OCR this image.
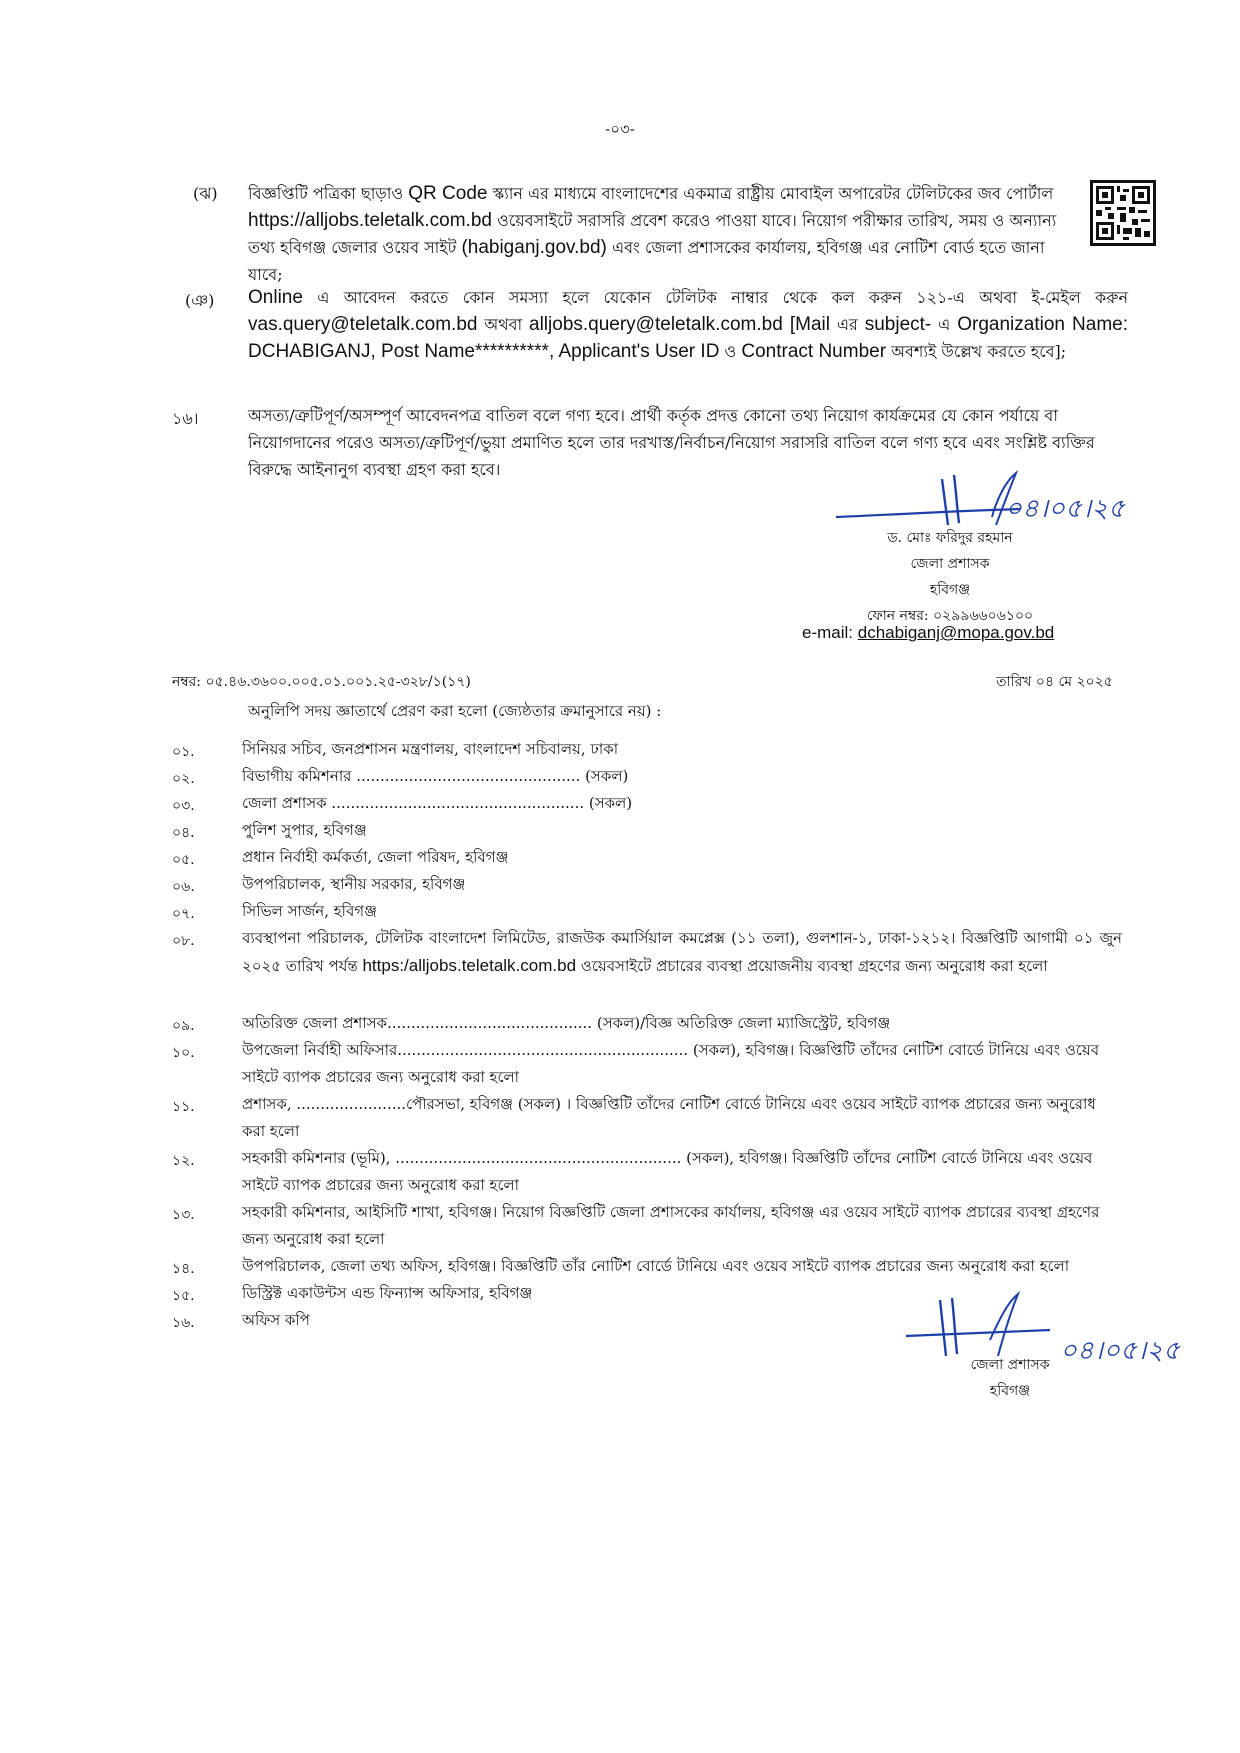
-০৩-
(ঝ) বিজ্ঞপ্তিটি পত্রিকা ছাড়াও QR Code স্ক্যান এর মাধ্যমে বাংলাদেশের একমাত্র রাষ্ট্রীয় মোবাইল অপারেটর টেলিটকের জব পোর্টাল https://alljobs.teletalk.com.bd ওয়েবসাইটে সরাসরি প্রবেশ করেও পাওয়া যাবে। নিয়োগ পরীক্ষার তারিখ, সময় ও অন্যান্য তথ্য হবিগঞ্জ জেলার ওয়েব সাইট (habiganj.gov.bd) এবং জেলা প্রশাসকের কার্যালয়, হবিগঞ্জ এর নোটিশ বোর্ড হতে জানা যাবে;
(ঞ) Online এ আবেদন করতে কোন সমস্যা হলে যেকোন টেলিটক নাম্বার থেকে কল করুন ১২১-এ অথবা ই-মেইল করুন vas.query@teletalk.com.bd অথবা alljobs.query@teletalk.com.bd [Mail এর subject- এ Organization Name: DCHABIGANJ, Post Name**********, Applicant's User ID ও Contract Number অবশ্যই উল্লেখ করতে হবে];
১৬।	অসত্য/ত্রুটিপূর্ণ/অসম্পূর্ণ আবেদনপত্র বাতিল বলে গণ্য হবে। প্রার্থী কর্তৃক প্রদত্ত কোনো তথ্য নিয়োগ কার্যক্রমের যে কোন পর্যায়ে বা নিয়োগদানের পরেও অসত্য/ত্রুটিপূর্ণ/ভুয়া প্রমাণিত হলে তার দরখাস্ত/নির্বাচন/নিয়োগ সরাসরি বাতিল বলে গণ্য হবে এবং সংশ্লিষ্ট ব্যক্তির বিরুদ্ধে আইনানুগ ব্যবস্থা গ্রহণ করা হবে।
০৪।০৫।২৫
ড. মোঃ ফরিদুর রহমান
জেলা প্রশাসক
হবিগঞ্জ
ফোন নম্বর: ০২৯৯৬৬০৬১০০
e-mail: dchabiganj@mopa.gov.bd
নম্বর: ০৫.৪৬.৩৬০০.০০৫.০১.০০১.২৫-৩২৮/১(১৭)	তারিখ ০৪ মে ২০২৫
অনুলিপি সদয় জ্ঞাতার্থে প্রেরণ করা হলো (জ্যেষ্ঠতার ক্রমানুসারে নয়) :
০১.	সিনিয়র সচিব, জনপ্রশাসন মন্ত্রণালয়, বাংলাদেশ সচিবালয়, ঢাকা
০২.	বিভাগীয় কমিশনার ............................................... (সকল)
০৩.	জেলা প্রশাসক ..................................................... (সকল)
০৪.	পুলিশ সুপার, হবিগঞ্জ
০৫.	প্রধান নির্বাহী কর্মকর্তা, জেলা পরিষদ, হবিগঞ্জ
০৬.	উপপরিচালক, স্থানীয় সরকার, হবিগঞ্জ
০৭.	সিভিল সার্জন, হবিগঞ্জ
০৮.	ব্যবস্থাপনা পরিচালক, টেলিটক বাংলাদেশ লিমিটেড, রাজউক কমার্সিয়াল কমপ্লেক্স (১১ তলা), গুলশান-১, ঢাকা-১২১২। বিজ্ঞপ্তিটি আগামী ০১ জুন ২০২৫ তারিখ পর্যন্ত https:/alljobs.teletalk.com.bd ওয়েবসাইটে প্রচারের ব্যবস্থা প্রয়োজনীয় ব্যবস্থা গ্রহণের জন্য অনুরোধ করা হলো
০৯.	অতিরিক্ত জেলা প্রশাসক........................................... (সকল)/বিজ্ঞ অতিরিক্ত জেলা ম্যাজিস্ট্রেট, হবিগঞ্জ
১০.	উপজেলা নির্বাহী অফিসার............................................................. (সকল), হবিগঞ্জ। বিজ্ঞপ্তিটি তাঁদের নোটিশ বোর্ডে টানিয়ে এবং ওয়েব সাইটে ব্যাপক প্রচারের জন্য অনুরোধ করা হলো
১১.	প্রশাসক, .......................পৌরসভা, হবিগঞ্জ (সকল) । বিজ্ঞপ্তিটি তাঁদের নোটিশ বোর্ডে টানিয়ে এবং ওয়েব সাইটে ব্যাপক প্রচারের জন্য অনুরোধ করা হলো
১২.	সহকারী কমিশনার (ভূমি), ............................................................ (সকল), হবিগঞ্জ। বিজ্ঞপ্তিটি তাঁদের নোটিশ বোর্ডে টানিয়ে এবং ওয়েব সাইটে ব্যাপক প্রচারের জন্য অনুরোধ করা হলো
১৩.	সহকারী কমিশনার, আইসিটি শাখা, হবিগঞ্জ। নিয়োগ বিজ্ঞপ্তিটি জেলা প্রশাসকের কার্যালয়, হবিগঞ্জ এর ওয়েব সাইটে ব্যাপক প্রচারের ব্যবস্থা গ্রহণের জন্য অনুরোধ করা হলো
১৪.	উপপরিচালক, জেলা তথ্য অফিস, হবিগঞ্জ। বিজ্ঞপ্তিটি তাঁর নোটিশ বোর্ডে টানিয়ে এবং ওয়েব সাইটে ব্যাপক প্রচারের জন্য অনুরোধ করা হলো
১৫.	ডিস্ট্রিক্ট একাউন্টস এন্ড ফিন্যান্স অফিসার, হবিগঞ্জ
১৬.	অফিস কপি
০৪।০৫।২৫
জেলা প্রশাসক
হবিগঞ্জ
